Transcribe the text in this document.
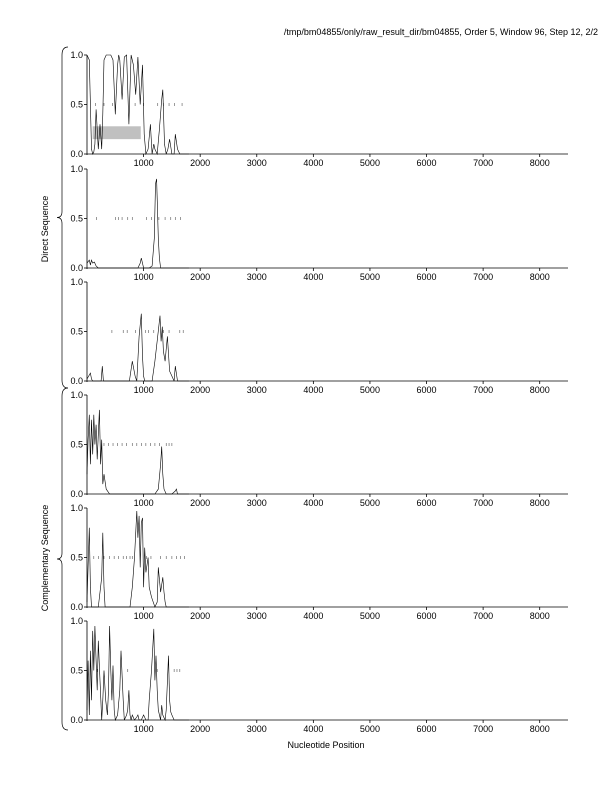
/tmp/bm04855/only/raw_result_dir/bm04855, Order 5, Window 96, Step 12, 2/2
0.0
0.5
1.0
1000	2000	3000	4000	5000	6000	7000	8000
0.0
0.5
1.0
1000	2000	3000	4000	5000	6000	7000	8000
0.0
0.5
1.0
1000	2000	3000	4000	5000	6000	7000	8000
0.0
0.5
1.0
1000	2000	3000	4000	5000	6000	7000	8000
0.0
0.5
1.0
1000	2000	3000	4000	5000	6000	7000	8000
0.0
0.5
1.0
1000	2000	3000	4000	5000	6000	7000	8000
Direct Sequence
Complementary Sequence
Nucleotide Position
